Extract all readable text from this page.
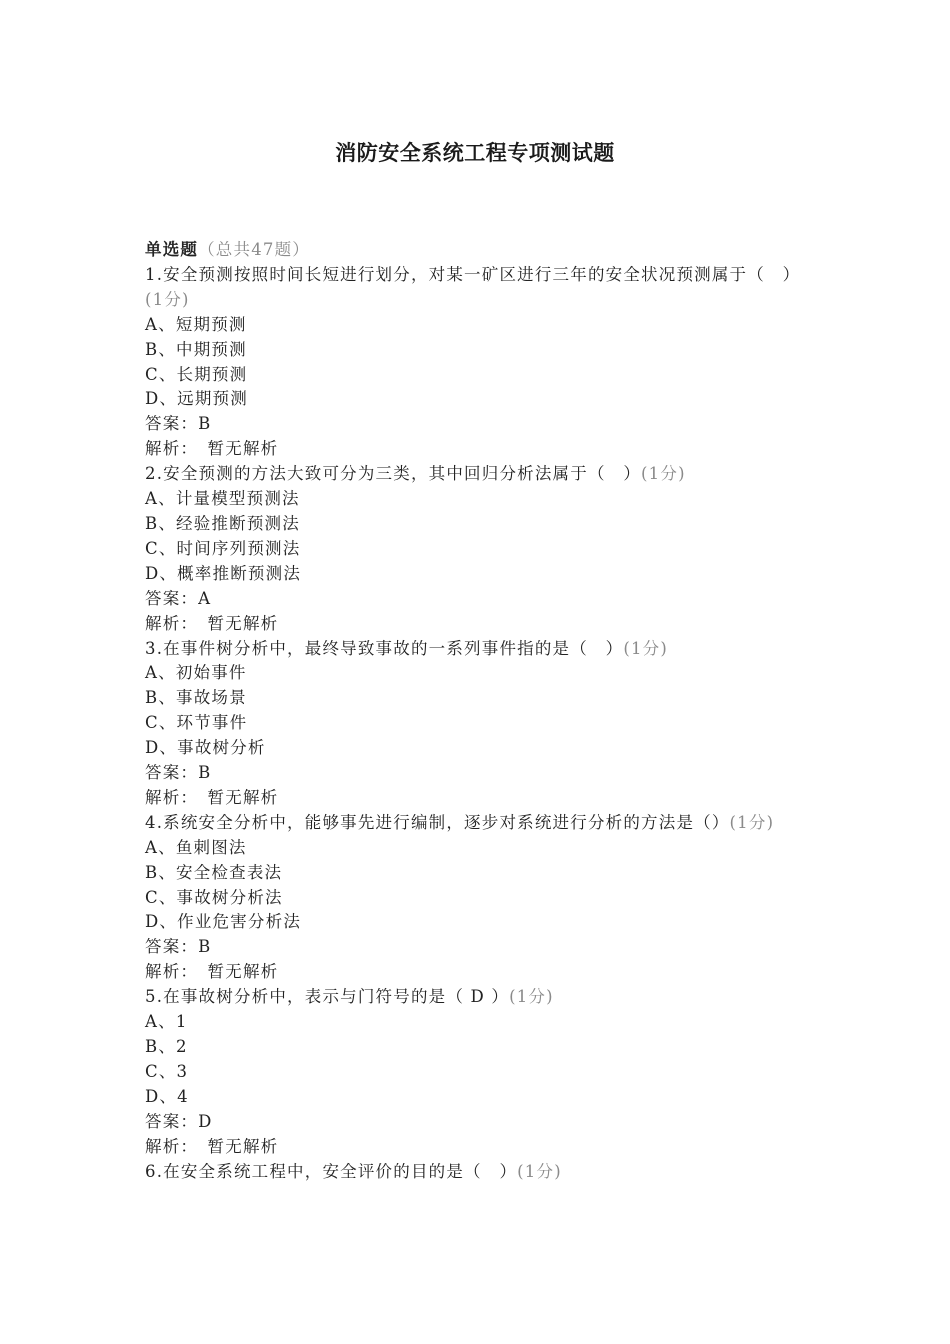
消防安全系统工程专项测试题
单选题（总共47题）
1.安全预测按照时间长短进行划分，对某一矿区进行三年的安全状况预测属于（　）(1分)
A、短期预测
B、中期预测
C、长期预测
D、远期预测
答案：B
解析：　暂无解析
2.安全预测的方法大致可分为三类，其中回归分析法属于（　）(1分)
A、计量模型预测法
B、经验推断预测法
C、时间序列预测法
D、概率推断预测法
答案：A
解析：　暂无解析
3.在事件树分析中，最终导致事故的一系列事件指的是（　）(1分)
A、初始事件
B、事故场景
C、环节事件
D、事故树分析
答案：B
解析：　暂无解析
4.系统安全分析中，能够事先进行编制，逐步对系统进行分析的方法是（）(1分)
A、鱼刺图法
B、安全检查表法
C、事故树分析法
D、作业危害分析法
答案：B
解析：　暂无解析
5.在事故树分析中，表示与门符号的是（ D ）(1分)
A、1
B、2
C、3
D、4
答案：D
解析：　暂无解析
6.在安全系统工程中，安全评价的目的是（　）(1分)
